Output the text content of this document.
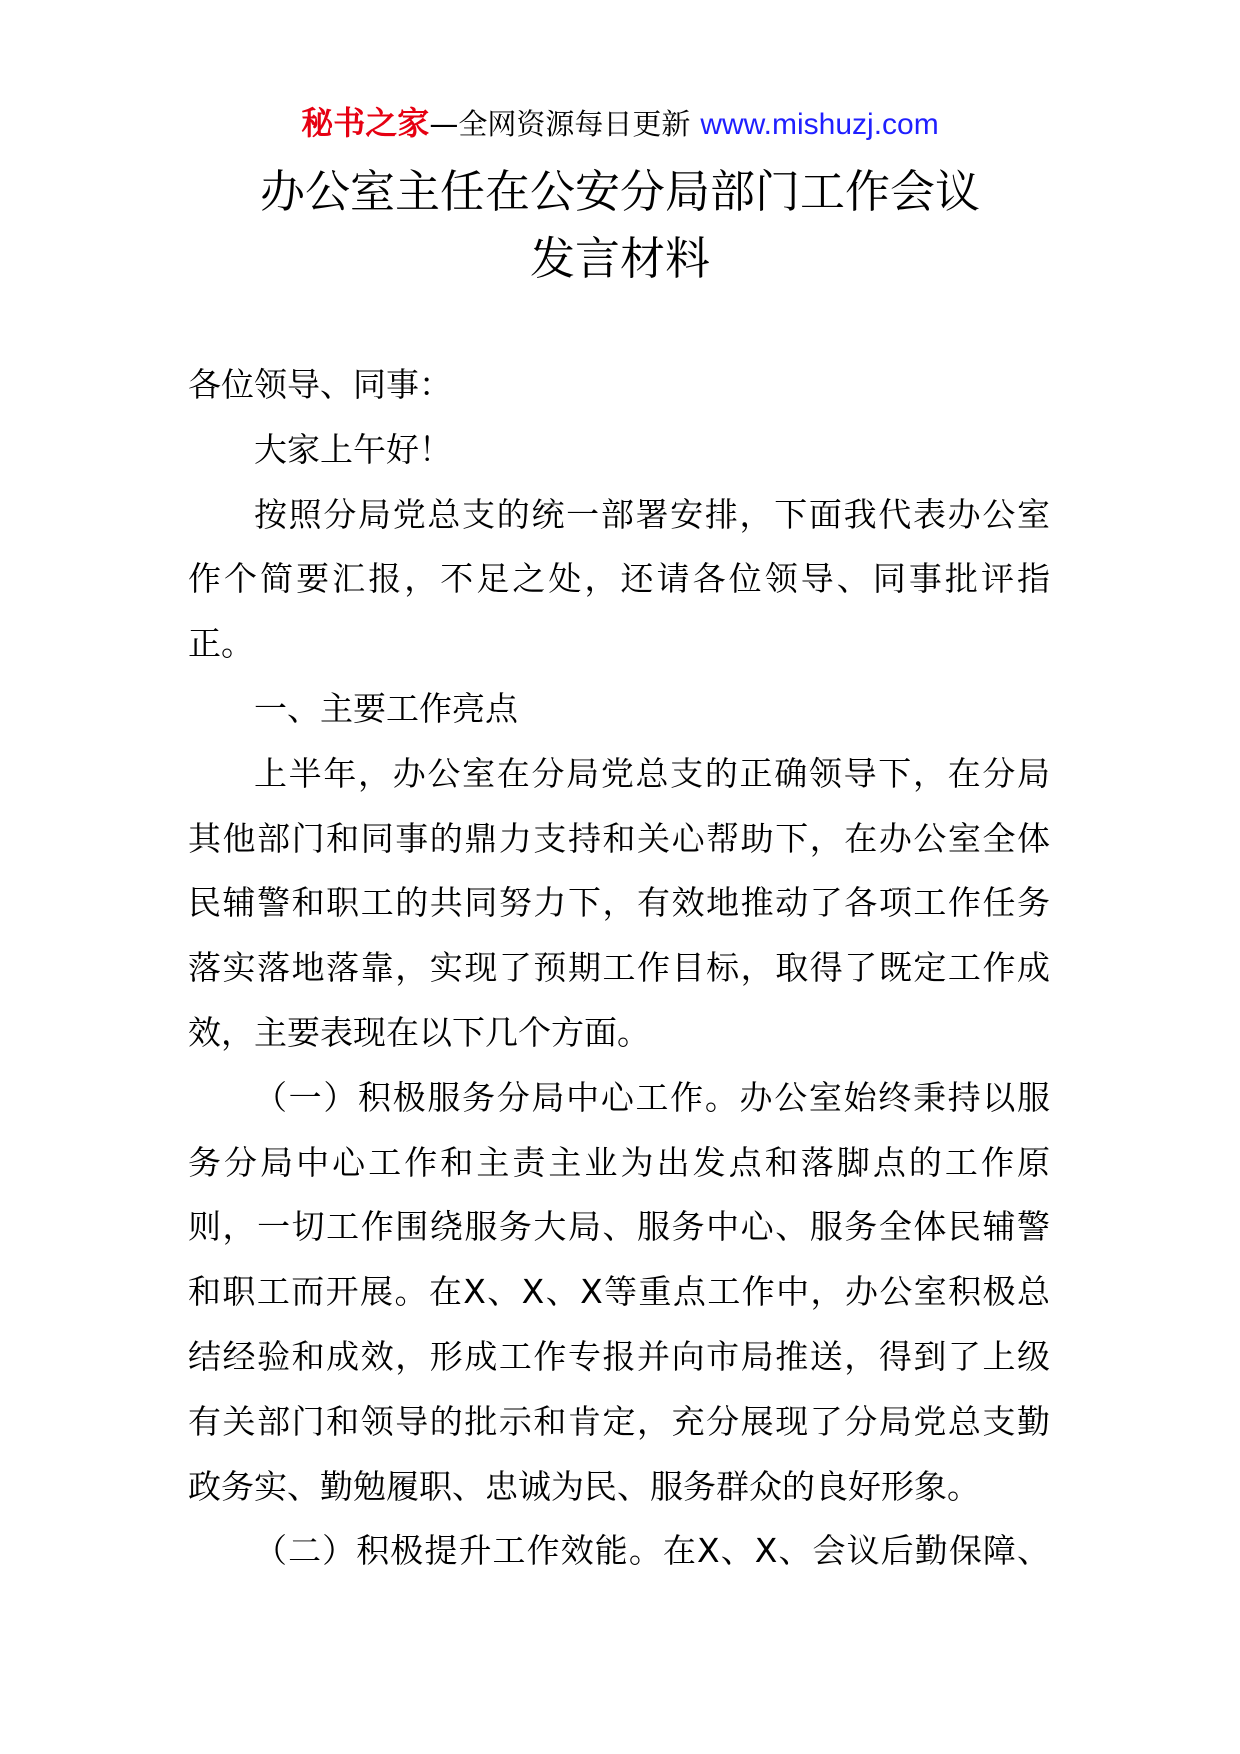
秘书之家—全网资源每日更新 www.mishuzj.com
办公室主任在公安分局部门工作会议
发言材料
各位领导、同事：
大家上午好！
按照分局党总支的统一部署安排，下面我代表办公室
作个简要汇报，不足之处，还请各位领导、同事批评指
正。
一、主要工作亮点
上半年，办公室在分局党总支的正确领导下，在分局
其他部门和同事的鼎力支持和关心帮助下，在办公室全体
民辅警和职工的共同努力下，有效地推动了各项工作任务
落实落地落靠，实现了预期工作目标，取得了既定工作成
效，主要表现在以下几个方面。
（一）积极服务分局中心工作。办公室始终秉持以服
务分局中心工作和主责主业为出发点和落脚点的工作原
则，一切工作围绕服务大局、服务中心、服务全体民辅警
和职工而开展。在X、X、X等重点工作中，办公室积极总
结经验和成效，形成工作专报并向市局推送，得到了上级
有关部门和领导的批示和肯定，充分展现了分局党总支勤
政务实、勤勉履职、忠诚为民、服务群众的良好形象。
（二）积极提升工作效能。在X、X、会议后勤保障、
